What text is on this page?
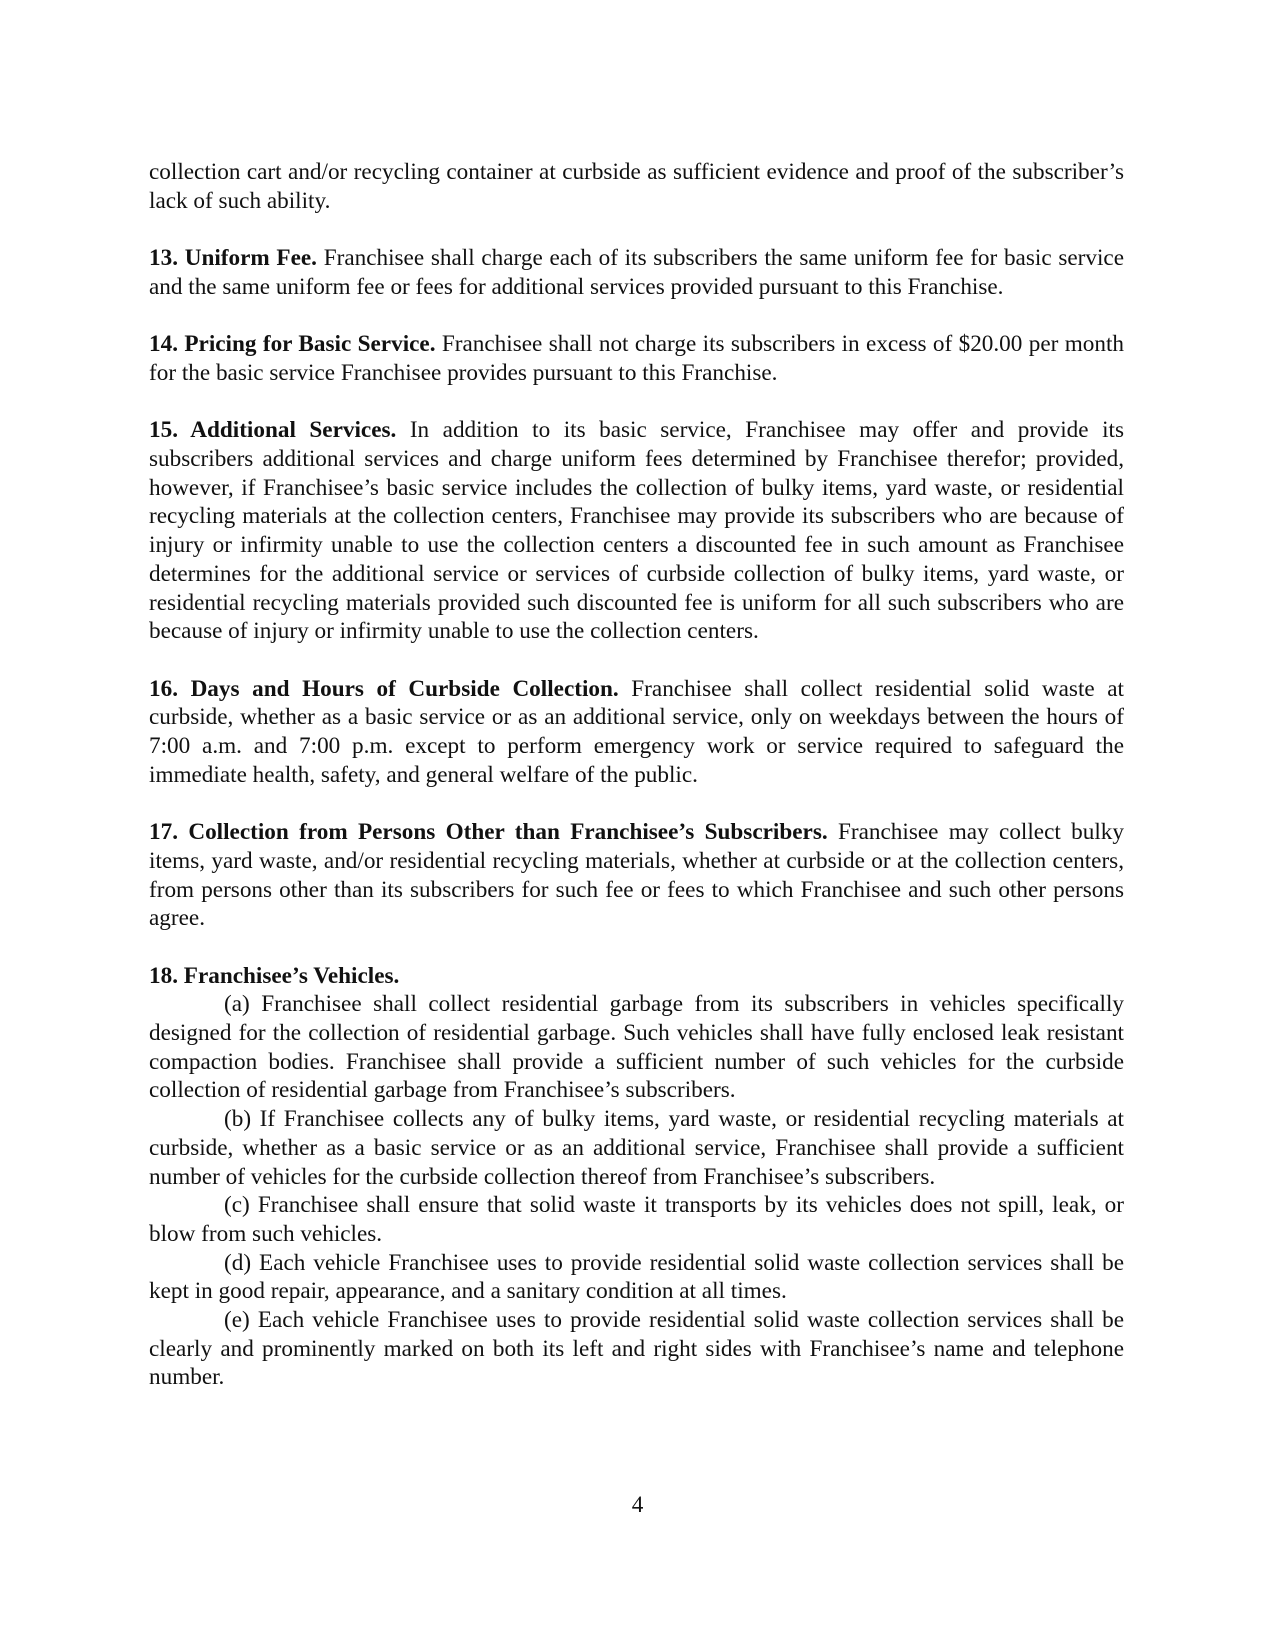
collection cart and/or recycling container at curbside as sufficient evidence and proof of the subscriber’s lack of such ability.

13. Uniform Fee. Franchisee shall charge each of its subscribers the same uniform fee for basic service and the same uniform fee or fees for additional services provided pursuant to this Franchise.

14. Pricing for Basic Service. Franchisee shall not charge its subscribers in excess of $20.00 per month for the basic service Franchisee provides pursuant to this Franchise.

15. Additional Services. In addition to its basic service, Franchisee may offer and provide its subscribers additional services and charge uniform fees determined by Franchisee therefor; provided, however, if Franchisee’s basic service includes the collection of bulky items, yard waste, or residential recycling materials at the collection centers, Franchisee may provide its subscribers who are because of injury or infirmity unable to use the collection centers a discounted fee in such amount as Franchisee determines for the additional service or services of curbside collection of bulky items, yard waste, or residential recycling materials provided such discounted fee is uniform for all such subscribers who are because of injury or infirmity unable to use the collection centers.

16. Days and Hours of Curbside Collection. Franchisee shall collect residential solid waste at curbside, whether as a basic service or as an additional service, only on weekdays between the hours of 7:00 a.m. and 7:00 p.m. except to perform emergency work or service required to safeguard the immediate health, safety, and general welfare of the public.

17. Collection from Persons Other than Franchisee’s Subscribers. Franchisee may collect bulky items, yard waste, and/or residential recycling materials, whether at curbside or at the collection centers, from persons other than its subscribers for such fee or fees to which Franchisee and such other persons agree.

18. Franchisee’s Vehicles.

(a) Franchisee shall collect residential garbage from its subscribers in vehicles specifically designed for the collection of residential garbage. Such vehicles shall have fully enclosed leak resistant compaction bodies. Franchisee shall provide a sufficient number of such vehicles for the curbside collection of residential garbage from Franchisee’s subscribers.

(b) If Franchisee collects any of bulky items, yard waste, or residential recycling materials at curbside, whether as a basic service or as an additional service, Franchisee shall provide a sufficient number of vehicles for the curbside collection thereof from Franchisee’s subscribers.

(c) Franchisee shall ensure that solid waste it transports by its vehicles does not spill, leak, or blow from such vehicles.

(d) Each vehicle Franchisee uses to provide residential solid waste collection services shall be kept in good repair, appearance, and a sanitary condition at all times.

(e) Each vehicle Franchisee uses to provide residential solid waste collection services shall be clearly and prominently marked on both its left and right sides with Franchisee’s name and telephone number.

4
